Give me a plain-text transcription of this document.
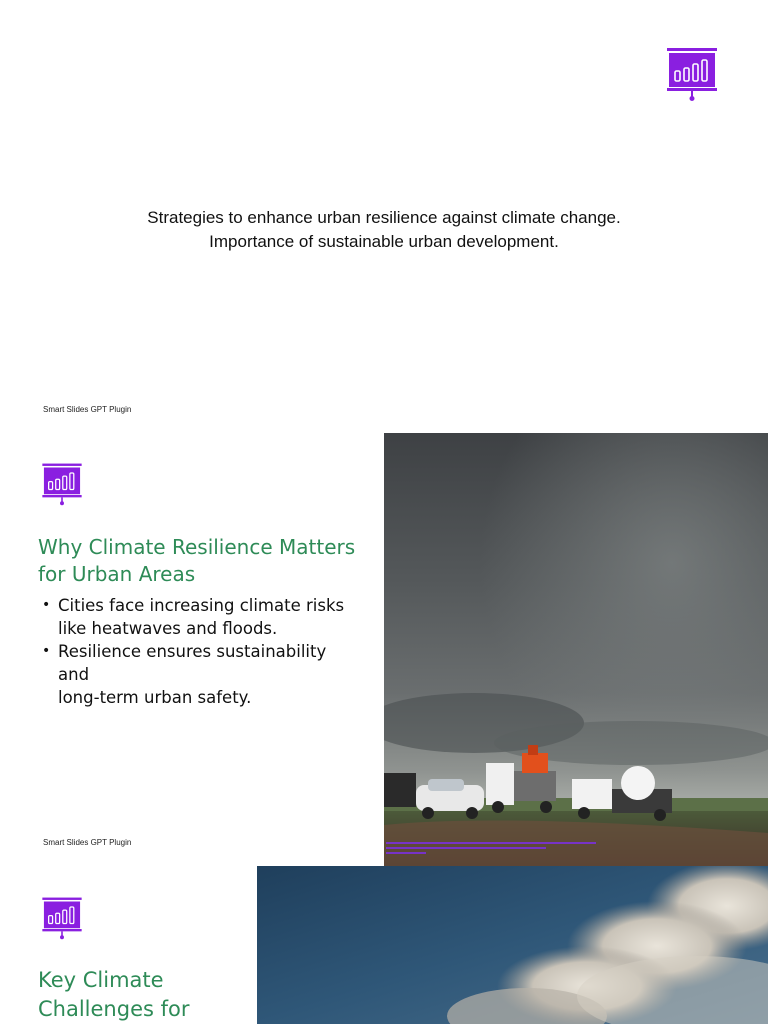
Strategies to enhance urban resilience against climate change.

Importance of sustainable urban development.

Smart Slides GPT Plugin
Why Climate Resilience Matters
for Urban Areas
• Cities face increasing climate risks
like heatwaves and floods.
• Resilience ensures sustainability and
long-term urban safety.
Smart Slides GPT Plugin
Key Climate
Challenges for
